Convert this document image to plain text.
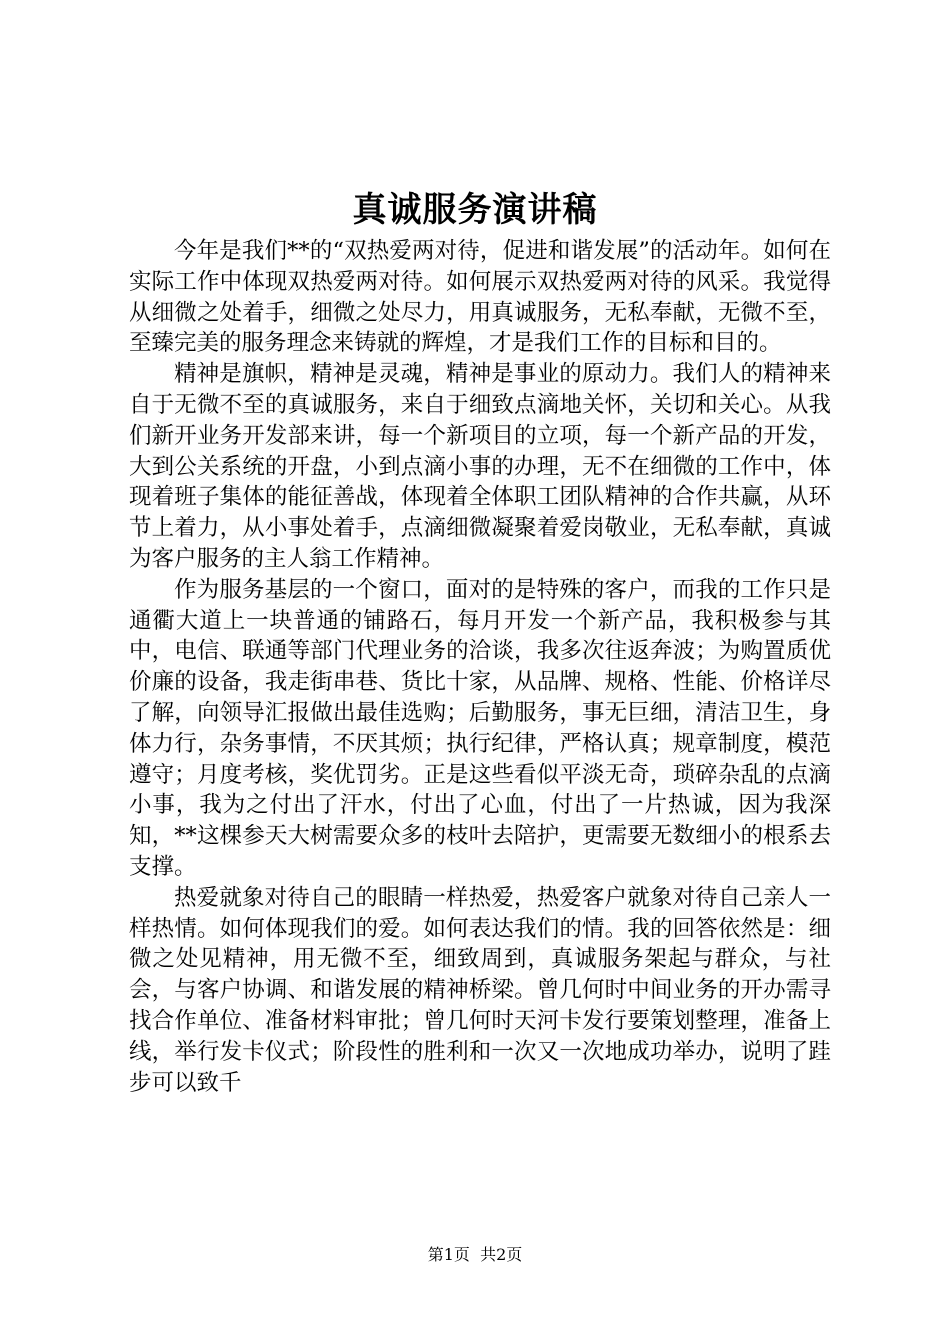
真诚服务演讲稿

今年是我们**的“双热爱两对待，促进和谐发展”的活动年。如何在实际工作中体现双热爱两对待。如何展示双热爱两对待的风采。我觉得从细微之处着手，细微之处尽力，用真诚服务，无私奉献，无微不至，至臻完美的服务理念来铸就的辉煌，才是我们工作的目标和目的。

精神是旗帜，精神是灵魂，精神是事业的原动力。我们人的精神来自于无微不至的真诚服务，来自于细致点滴地关怀，关切和关心。从我们新开业务开发部来讲，每一个新项目的立项，每一个新产品的开发，大到公关系统的开盘，小到点滴小事的办理，无不在细微的工作中，体现着班子集体的能征善战，体现着全体职工团队精神的合作共赢，从环节上着力，从小事处着手，点滴细微凝聚着爱岗敬业，无私奉献，真诚为客户服务的主人翁工作精神。

作为服务基层的一个窗口，面对的是特殊的客户，而我的工作只是通衢大道上一块普通的铺路石，每月开发一个新产品，我积极参与其中，电信、联通等部门代理业务的洽谈，我多次往返奔波；为购置质优价廉的设备，我走街串巷、货比十家，从品牌、规格、性能、价格详尽了解，向领导汇报做出最佳选购；后勤服务，事无巨细，清洁卫生，身体力行，杂务事情，不厌其烦；执行纪律，严格认真；规章制度，模范遵守；月度考核，奖优罚劣。正是这些看似平淡无奇，琐碎杂乱的点滴小事，我为之付出了汗水，付出了心血，付出了一片热诚，因为我深知，**这棵参天大树需要众多的枝叶去陪护，更需要无数细小的根系去支撑。

热爱就象对待自己的眼睛一样热爱，热爱客户就象对待自己亲人一样热情。如何体现我们的爱。如何表达我们的情。我的回答依然是：细微之处见精神，用无微不至，细致周到，真诚服务架起与群众，与社会，与客户协调、和谐发展的精神桥梁。曾几何时中间业务的开办需寻找合作单位、准备材料审批；曾几何时天河卡发行要策划整理，准备上线，举行发卡仪式；阶段性的胜利和一次又一次地成功举办，说明了跬步可以致千

第1页 共2页
